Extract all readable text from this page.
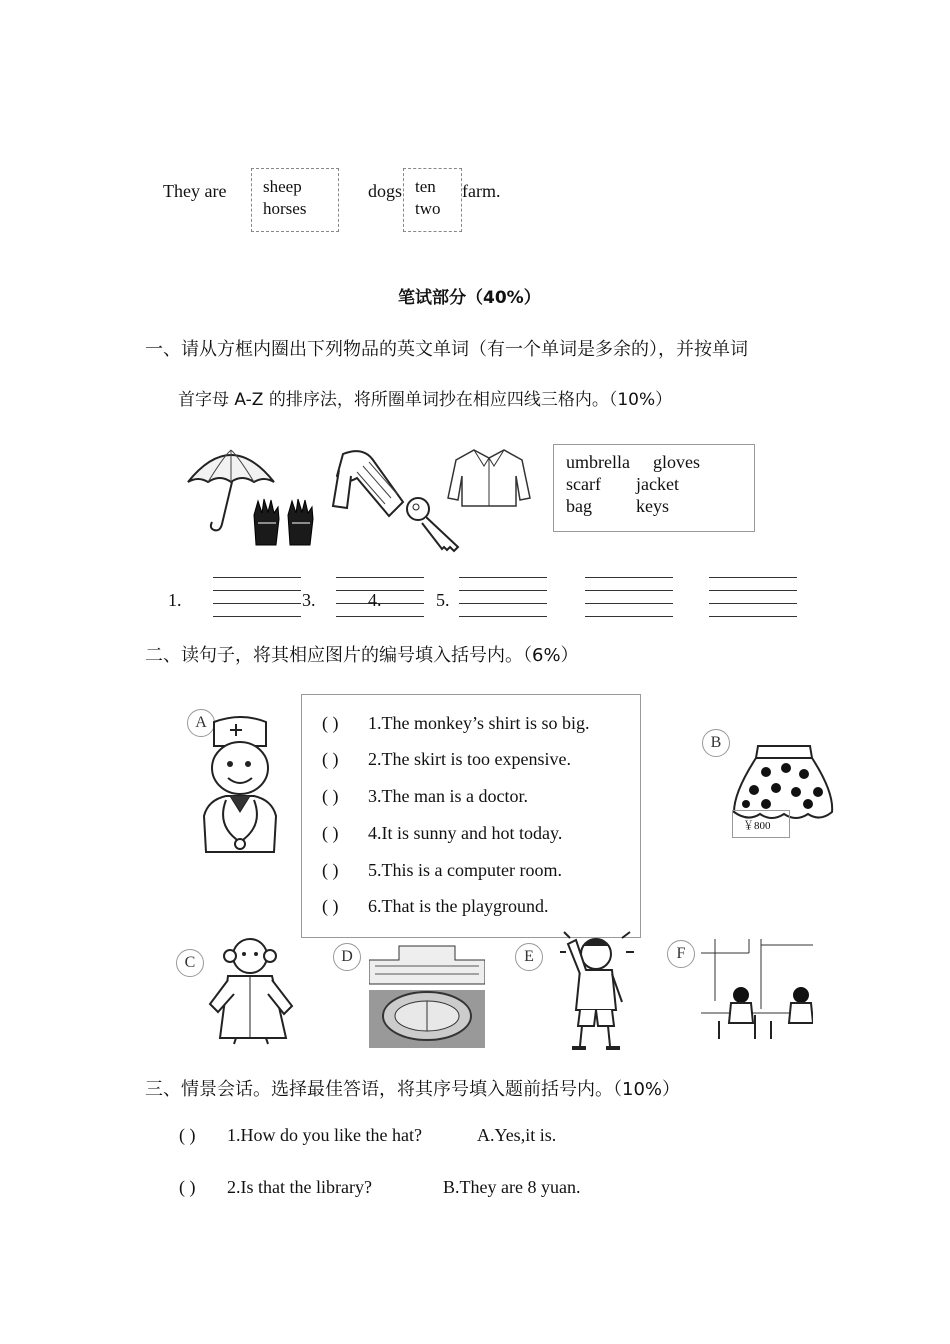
They are sheep
horses
dogs ten
two
farm.
笔试部分（40%）
一、请从方框内圈出下列物品的英文单词（有一个单词是多余的），并按单词
首字母 A-Z 的排序法，将所圈单词抄在相应四线三格内。（10%）
umbrella gloves
scarf jacket
bag keys
1.	3.	4.	5.
二、读句子，将其相应图片的编号填入括号内。（6%）
( ) 1.The monkey’s shirt is so big.
( ) 2.The skirt is too expensive.
( ) 3.The man is a doctor.
( ) 4.It is sunny and hot today.
( ) 5.This is a computer room.
( ) 6.That is the playground.
A
B
￥800
C	D	E	F
三、情景会话。选择最佳答语，将其序号填入题前括号内。（10%）
( ) 1.How do you like the hat?	A.Yes,it is.
( ) 2.Is that the library?	B.They are 8 yuan.
